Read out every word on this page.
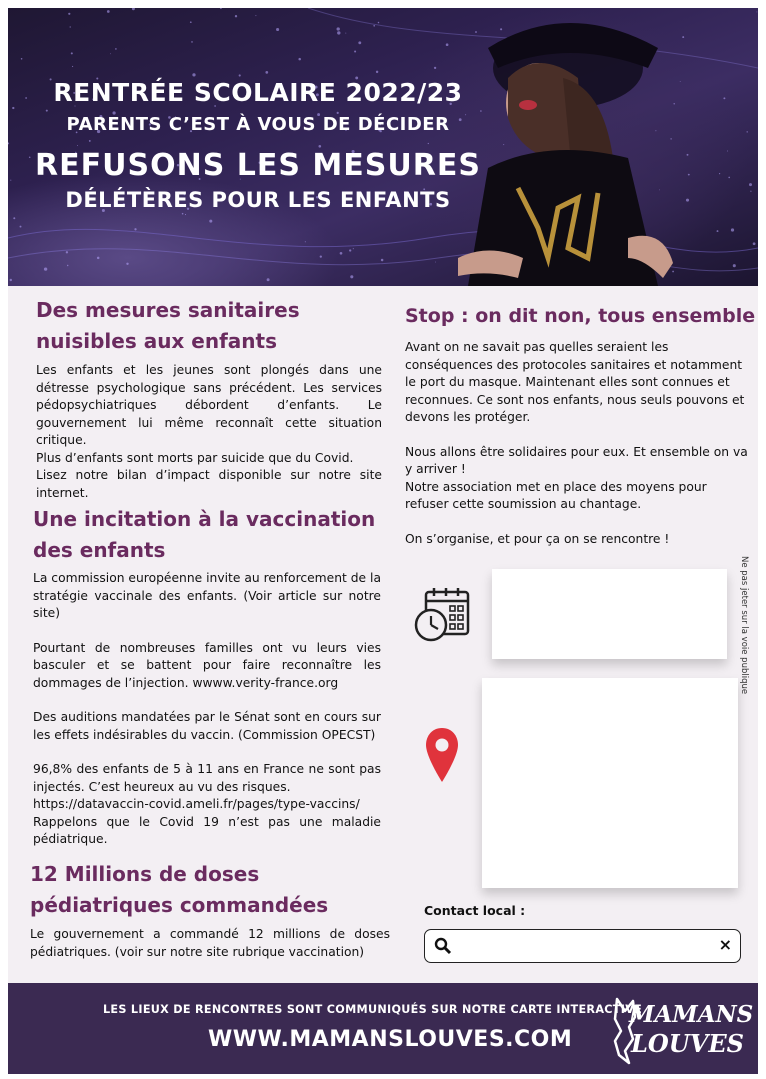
RENTRÉE SCOLAIRE 2022/23
PARENTS C’EST À VOUS DE DÉCIDER
REFUSONS LES MESURES
DÉLÉTÈRES POUR LES ENFANTS
Des mesures sanitaires
nuisibles aux enfants

Les enfants et les jeunes sont plongés dans une détresse psychologique sans précédent. Les services pédopsychiatriques débordent d’enfants. Le gouvernement lui même reconnaît cette situation critique.

Plus d’enfants sont morts par suicide que du Covid.

Lisez notre bilan d’impact disponible sur notre site internet.

Une incitation à la vaccination
des enfants

La commission européenne invite au renforcement de la stratégie vaccinale des enfants. (Voir article sur notre site)

Pourtant de nombreuses familles ont vu leurs vies basculer et se battent pour faire reconnaître les dommages de l’injection. wwww.verity-france.org

Des auditions mandatées par le Sénat sont en cours sur les effets indésirables du vaccin. (Commission OPECST)

96,8% des enfants de 5 à 11 ans en France ne sont pas injectés. C’est heureux au vu des risques.

https://datavaccin-covid.ameli.fr/pages/type-vaccins/

Rappelons que le Covid 19 n’est pas une maladie pédiatrique.

12 Millions de doses
pédiatriques commandées

Le gouvernement a commandé 12 millions de doses pédiatriques. (voir sur notre site rubrique vaccination)

Stop : on dit non, tous ensemble

Avant on ne savait pas quelles seraient les conséquences des protocoles sanitaires et notamment le port du masque. Maintenant elles sont connues et reconnues. Ce sont nos enfants, nous seuls pouvons et devons les protéger.

Nous allons être solidaires pour eux. Et ensemble on va y arriver !

Notre association met en place des moyens pour refuser cette soumission au chantage.

On s’organise, et pour ça on se rencontre !

Ne pas jeter sur la voie publique
Contact local :
×
LES LIEUX DE RENCONTRES SONT COMMUNIQUÉS SUR NOTRE CARTE INTERACTIVE
WWW.MAMANSLOUVES.COM
MAMANS
LOUVES
